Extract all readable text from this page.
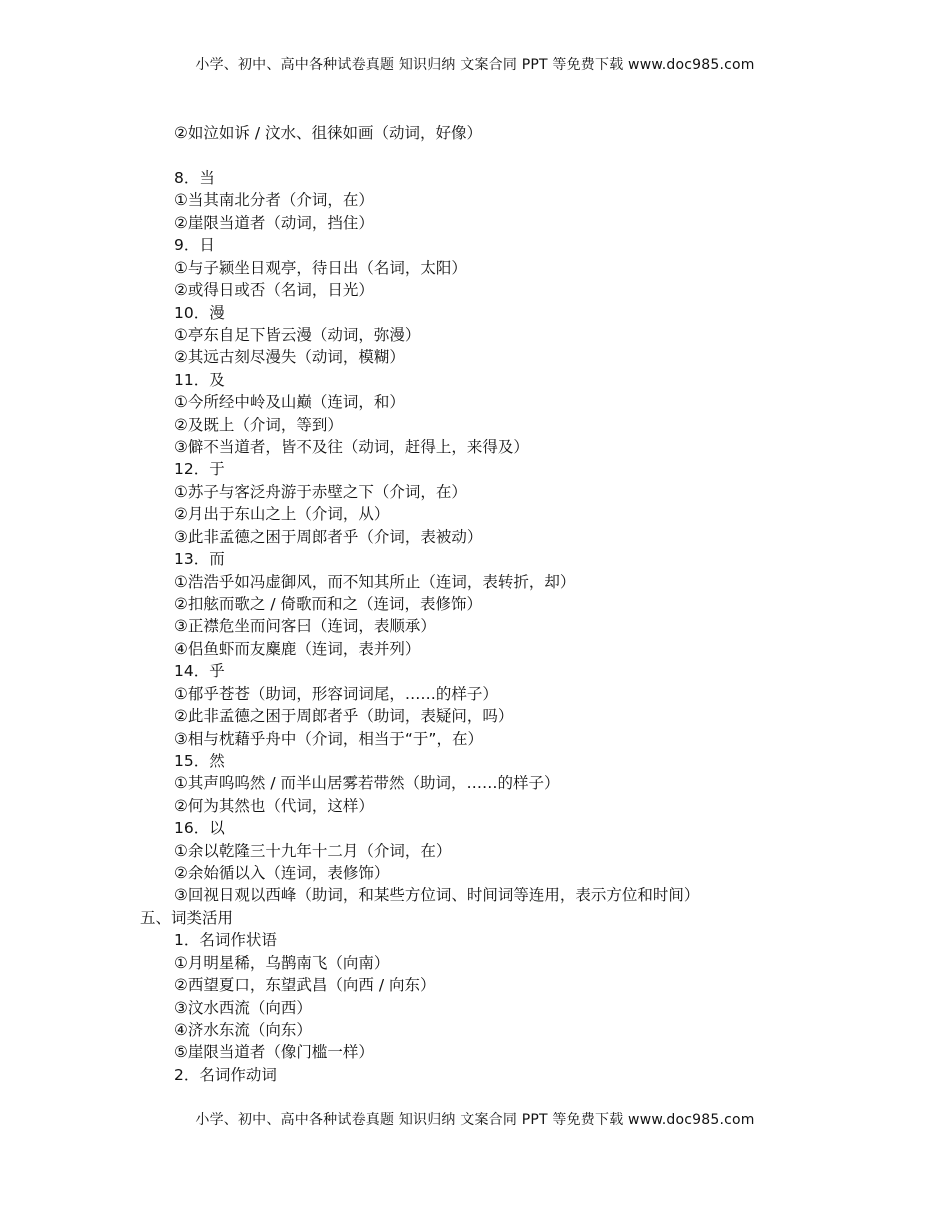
小学、初中、高中各种试卷真题 知识归纳 文案合同 PPT 等免费下载 www.doc985.com
②如泣如诉 / 汶水、徂徕如画（动词，好像）
8．当
①当其南北分者（介词，在）
②崖限当道者（动词，挡住）
9．日
①与子颍坐日观亭，待日出（名词，太阳）
②或得日或否（名词，日光）
10．漫
①亭东自足下皆云漫（动词，弥漫）
②其远古刻尽漫失（动词，模糊）
11．及
①今所经中岭及山巅（连词，和）
②及既上（介词，等到）
③僻不当道者，皆不及往（动词，赶得上，来得及）
12．于
①苏子与客泛舟游于赤壁之下（介词，在）
②月出于东山之上（介词，从）
③此非孟德之困于周郎者乎（介词，表被动）
13．而
①浩浩乎如冯虚御风，而不知其所止（连词，表转折，却）
②扣舷而歌之 / 倚歌而和之（连词，表修饰）
③正襟危坐而问客曰（连词，表顺承）
④侣鱼虾而友麋鹿（连词，表并列）
14．乎
①郁乎苍苍（助词，形容词词尾，……的样子）
②此非孟德之困于周郎者乎（助词，表疑问，吗）
③相与枕藉乎舟中（介词，相当于“于”，在）
15．然
①其声呜呜然 / 而半山居雾若带然（助词，……的样子）
②何为其然也（代词，这样）
16．以
①余以乾隆三十九年十二月（介词，在）
②余始循以入（连词，表修饰）
③回视日观以西峰（助词，和某些方位词、时间词等连用，表示方位和时间）
五、词类活用
1．名词作状语
①月明星稀，乌鹊南飞（向南）
②西望夏口，东望武昌（向西 / 向东）
③汶水西流（向西）
④济水东流（向东）
⑤崖限当道者（像门槛一样）
2．名词作动词
小学、初中、高中各种试卷真题 知识归纳 文案合同 PPT 等免费下载 www.doc985.com
